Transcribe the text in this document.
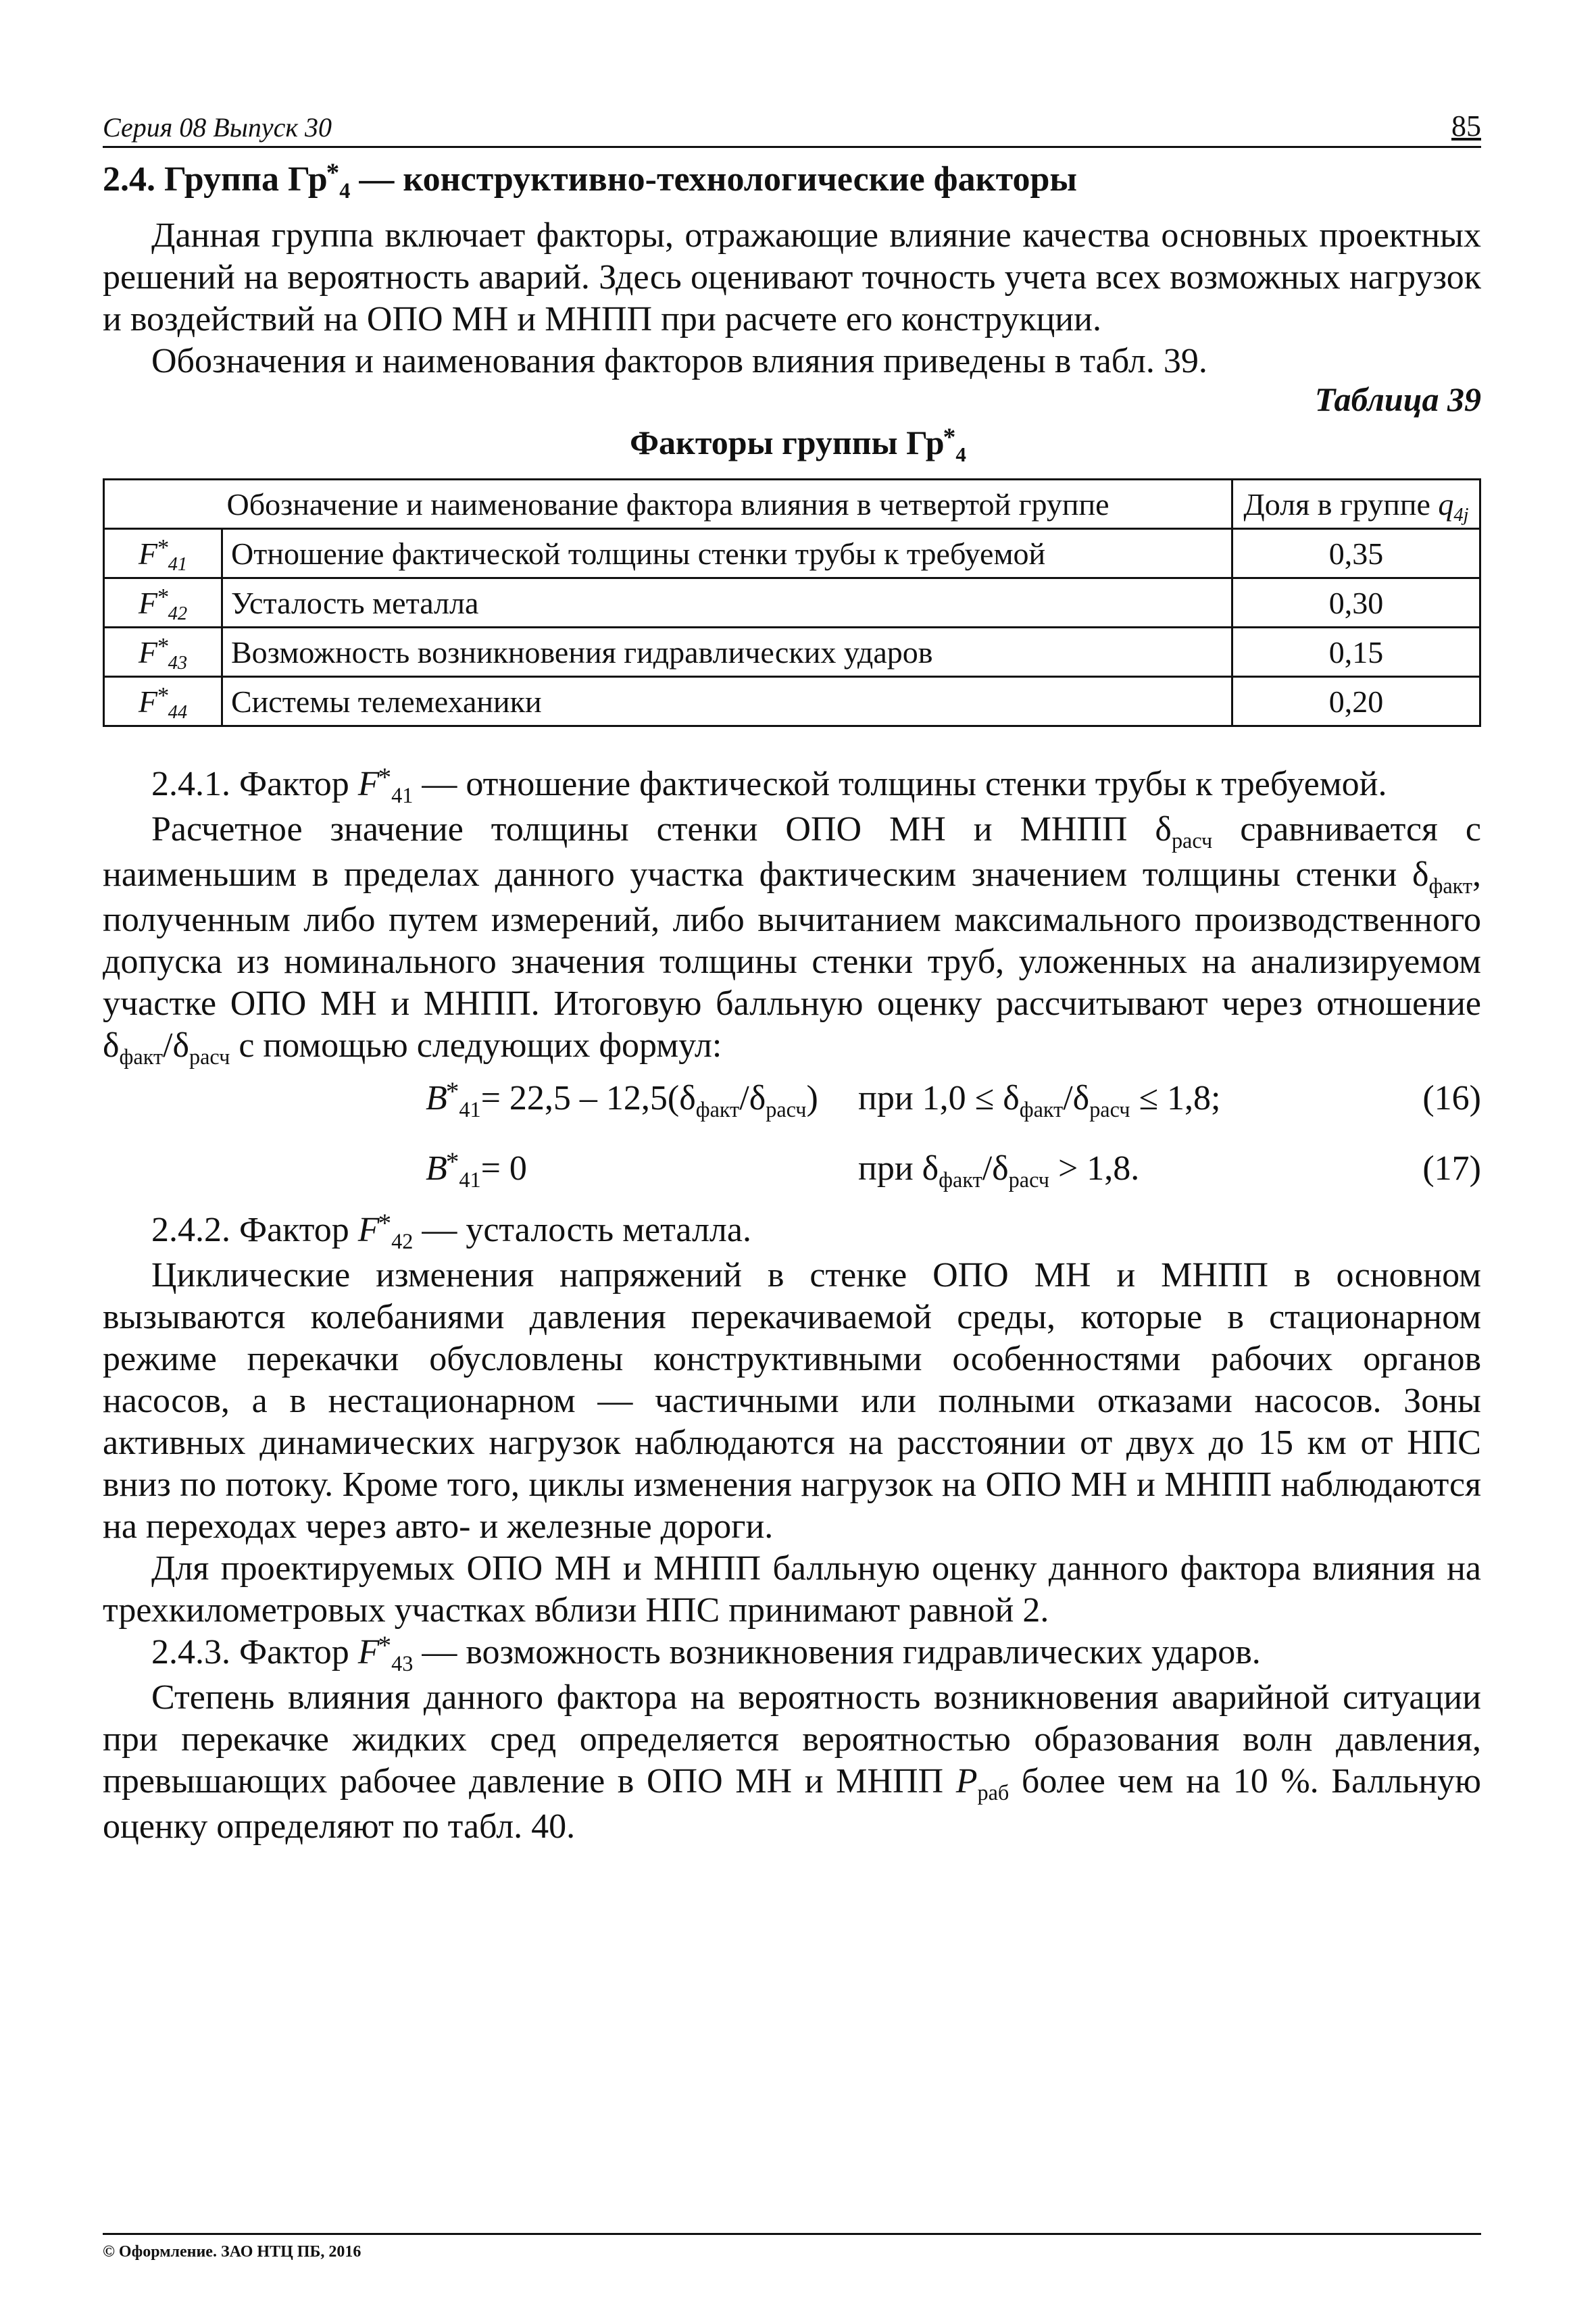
Серия 08 Выпуск 30	85
2.4. Группа $Гр^*_4$ — конструктивно-технологические факторы

Данная группа включает факторы, отражающие влияние качества основных проектных решений на вероятность аварий. Здесь оценивают точность учета всех возможных нагрузок и воздействий на ОПО МН и МНПП при расчете его конструкции.

Обозначения и наименования факторов влияния приведены в табл. 39.

Таблица 39
Факторы группы $Гр^*_4$
Обозначение и наименование фактора влияния в четвертой группе		Доля в группе $q_{4j}$
$F^*_{41}$	Отношение фактической толщины стенки трубы к требуемой	0,35
$F^*_{42}$	Усталость металла	0,30
$F^*_{43}$	Возможность возникновения гидравлических ударов	0,15
$F^*_{44}$	Системы телемеханики	0,20

2.4.1. Фактор $F^*_{41}$ — отношение фактической толщины стенки трубы к требуемой.

Расчетное значение толщины стенки ОПО МН и МНПП $\delta_{расч}$ сравнивается с наименьшим в пределах данного участка фактическим значением толщины стенки $\delta_{факт}$, полученным либо путем измерений, либо вычитанием максимального производственного допуска из номинального значения толщины стенки труб, уложенных на анализируемом участке ОПО МН и МНПП. Итоговую балльную оценку рассчитывают через отношение $\delta_{факт}/\delta_{расч}$ с помощью следующих формул:

$B^*_{41}= 22,5 - 12,5(\delta_{факт}/\delta_{расч})$ при $1,0 \le \delta_{факт}/\delta_{расч} \le 1,8$;	(16)
$B^*_{41}= 0$	при $\delta_{факт}/\delta_{расч} > 1,8$.	(17)

2.4.2. Фактор $F^*_{42}$ — усталость металла.

Циклические изменения напряжений в стенке ОПО МН и МНПП в основном вызываются колебаниями давления перекачиваемой среды, которые в стационарном режиме перекачки обусловлены конструктивными особенностями рабочих органов насосов, а в нестационарном — частичными или полными отказами насосов. Зоны активных динамических нагрузок наблюдаются на расстоянии от двух до 15 км от НПС вниз по потоку. Кроме того, циклы изменения нагрузок на ОПО МН и МНПП наблюдаются на переходах через авто- и железные дороги.

Для проектируемых ОПО МН и МНПП балльную оценку данного фактора влияния на трехкилометровых участках вблизи НПС принимают равной 2.

2.4.3. Фактор $F^*_{43}$ — возможность возникновения гидравлических ударов.

Степень влияния данного фактора на вероятность возникновения аварийной ситуации при перекачке жидких сред определяется вероятностью образования волн давления, превышающих рабочее давление в ОПО МН и МНПП $P_{раб}$ более чем на 10 %. Балльную оценку определяют по табл. 40.

© Оформление. ЗАО НТЦ ПБ, 2016
